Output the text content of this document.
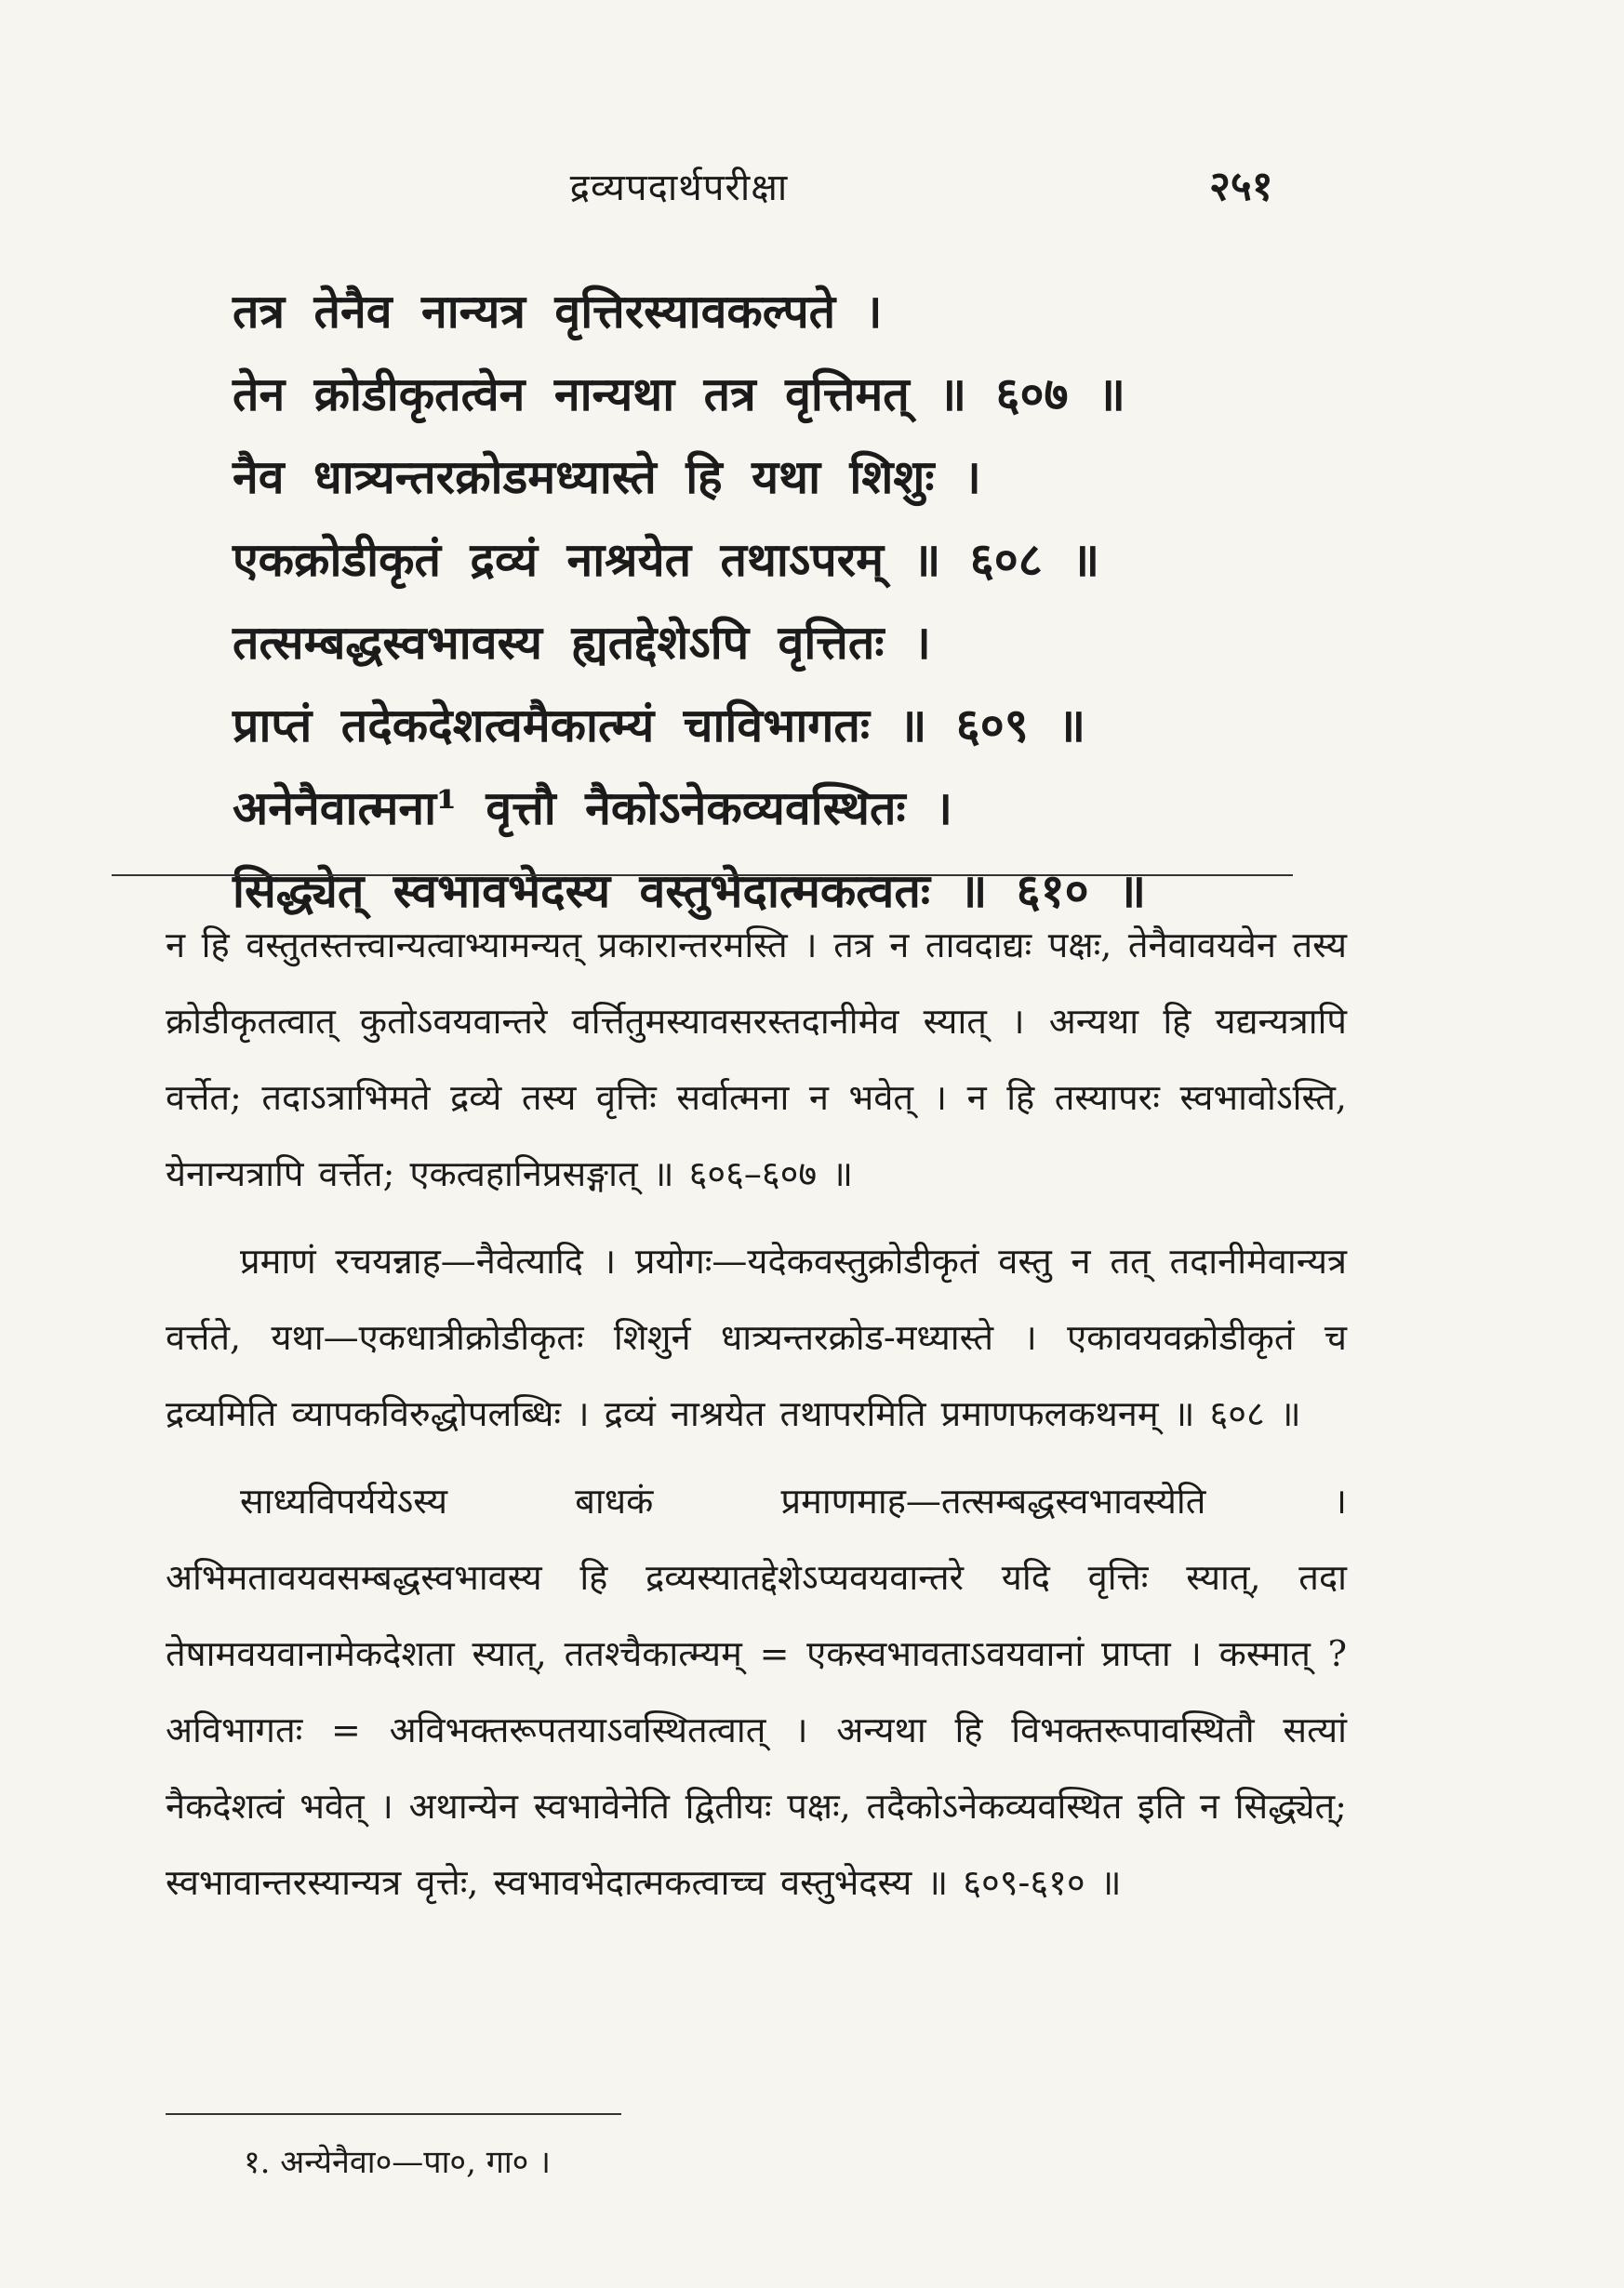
द्रव्यपदार्थपरीक्षा	२५१
तत्र तेनैव नान्यत्र वृत्तिरस्यावकल्पते ।
तेन क्रोडीकृतत्वेन नान्यथा तत्र वृत्तिमत् ॥ ६०७ ॥
नैव धात्र्यन्तरक्रोडमध्यास्ते हि यथा शिशुः ।
एकक्रोडीकृतं द्रव्यं नाश्रयेत तथाऽपरम् ॥ ६०८ ॥
तत्सम्बद्धस्वभावस्य ह्यतद्देशेऽपि वृत्तितः ।
प्राप्तं तदेकदेशत्वमैकात्म्यं चाविभागतः ॥ ६०९ ॥
अनेनैवात्मना¹ वृत्तौ नैकोऽनेकव्यवस्थितः ।
सिद्ध्येत् स्वभावभेदस्य वस्तुभेदात्मकत्वतः ॥ ६१० ॥

न हि वस्तुतस्तत्त्वान्यत्वाभ्यामन्यत् प्रकारान्तरमस्ति । तत्र न तावदाद्यः पक्षः, तेनैवावयवेन तस्य क्रोडीकृतत्वात् कुतोऽवयवान्तरे वर्त्तितुमस्यावसरस्तदानीमेव स्यात् । अन्यथा हि यद्यन्यत्रापि वर्त्तेत; तदाऽत्राभिमते द्रव्ये तस्य वृत्तिः सर्वात्मना न भवेत् । न हि तस्यापरः स्वभावोऽस्ति, येनान्यत्रापि वर्त्तेत; एकत्वहानिप्रसङ्गात् ॥ ६०६–६०७ ॥

प्रमाणं रचयन्नाह—नैवेत्यादि । प्रयोगः—यदेकवस्तुक्रोडीकृतं वस्तु न तत् तदानीमेवान्यत्र वर्त्तते, यथा—एकधात्रीक्रोडीकृतः शिशुर्न धात्र्यन्तरक्रोड-मध्यास्ते । एकावयवक्रोडीकृतं च द्रव्यमिति व्यापकविरुद्धोपलब्धिः । द्रव्यं नाश्रयेत तथापरमिति प्रमाणफलकथनम् ॥ ६०८ ॥

साध्यविपर्ययेऽस्य बाधकं प्रमाणमाह—तत्सम्बद्धस्वभावस्येति । अभिमतावयवसम्बद्धस्वभावस्य हि द्रव्यस्यातद्देशेऽप्यवयवान्तरे यदि वृत्तिः स्यात्, तदा तेषामवयवानामेकदेशता स्यात्, ततश्चैकात्म्यम् = एकस्वभावताऽवयवानां प्राप्ता । कस्मात् ? अविभागतः = अविभक्तरूपतयाऽवस्थितत्वात् । अन्यथा हि विभक्तरूपावस्थितौ सत्यां नैकदेशत्वं भवेत् । अथान्येन स्वभावेनेति द्वितीयः पक्षः, तदैकोऽनेकव्यवस्थित इति न सिद्ध्येत्; स्वभावान्तरस्यान्यत्र वृत्तेः, स्वभावभेदात्मकत्वाच्च वस्तुभेदस्य ॥ ६०९-६१० ॥

१. अन्येनैवा०—पा०, गा० ।
